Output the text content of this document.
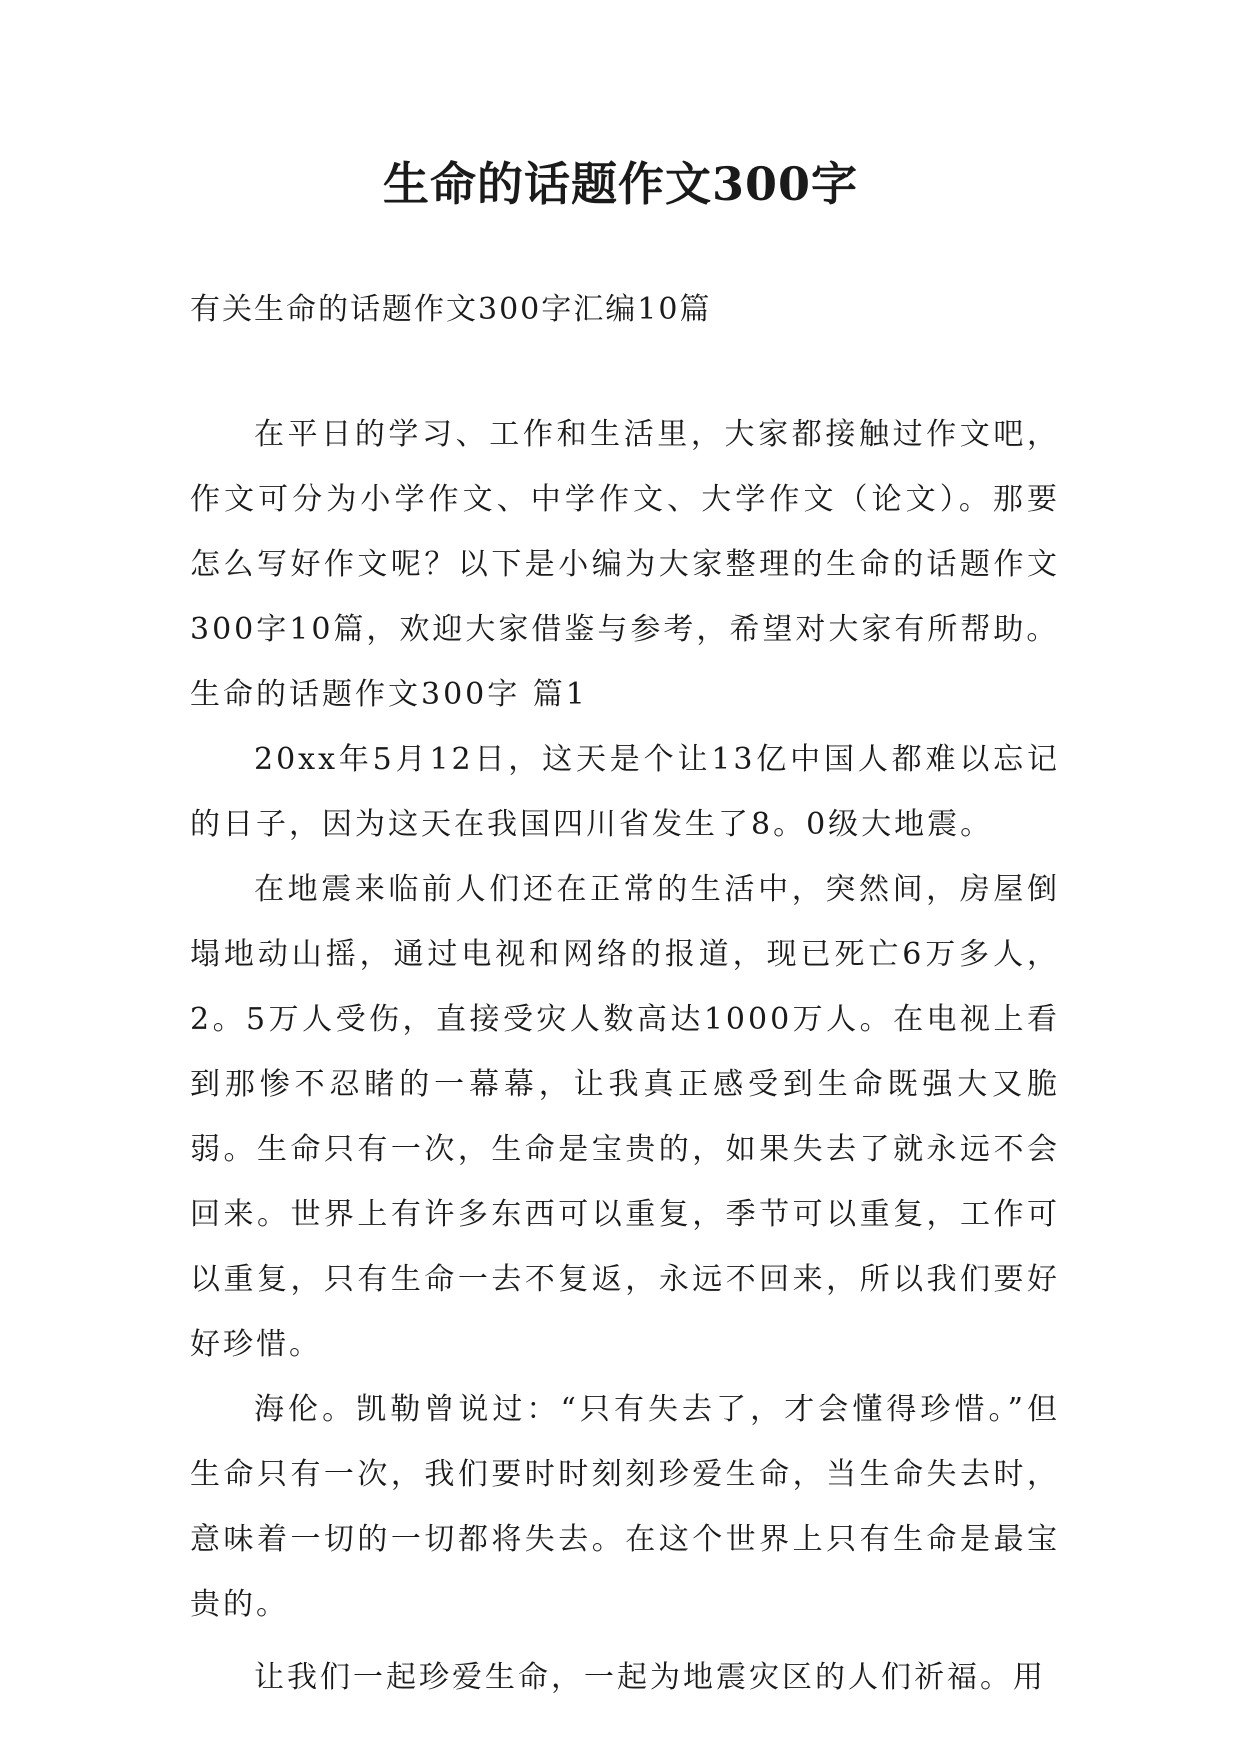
生命的话题作文300字

有关生命的话题作文300字汇编10篇

在平日的学习、工作和生活里，大家都接触过作文吧，作文可分为小学作文、中学作文、大学作文（论文）。那要怎么写好作文呢？以下是小编为大家整理的生命的话题作文300字10篇，欢迎大家借鉴与参考，希望对大家有所帮助。

生命的话题作文300字 篇1

20xx年5月12日，这天是个让13亿中国人都难以忘记的日子，因为这天在我国四川省发生了8。0级大地震。

在地震来临前人们还在正常的生活中，突然间，房屋倒塌地动山摇，通过电视和网络的报道，现已死亡6万多人，2。5万人受伤，直接受灾人数高达1000万人。在电视上看到那惨不忍睹的一幕幕，让我真正感受到生命既强大又脆弱。生命只有一次，生命是宝贵的，如果失去了就永远不会回来。世界上有许多东西可以重复，季节可以重复，工作可以重复，只有生命一去不复返，永远不回来，所以我们要好好珍惜。

海伦。凯勒曾说过：“只有失去了，才会懂得珍惜。”但生命只有一次，我们要时时刻刻珍爱生命，当生命失去时，意味着一切的一切都将失去。在这个世界上只有生命是最宝贵的。

让我们一起珍爱生命，一起为地震灾区的人们祈福。用
